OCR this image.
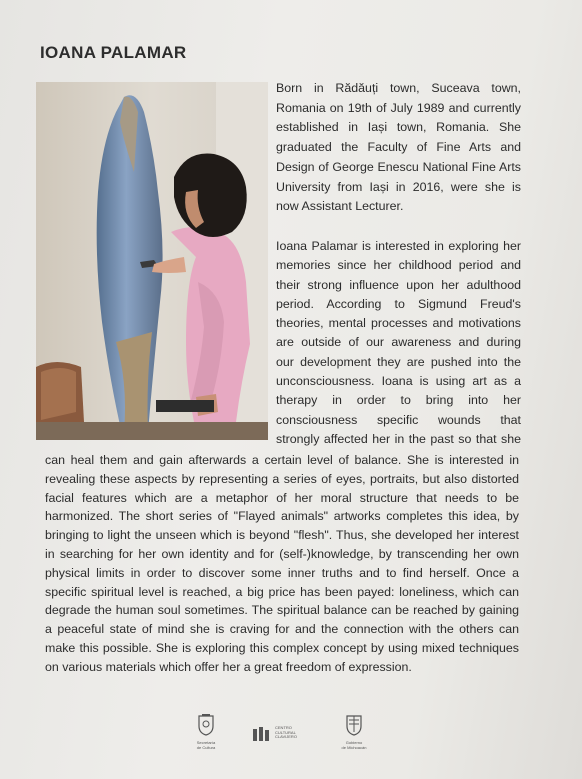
IOANA PALAMAR

Born in Rădăuți town, Suceava town,
Romania on 19th of July 1989 and currently
established in Iași town, Romania. She
graduated the Faculty of Fine Arts and
Design of George Enescu National Fine Arts
University from Iași in 2016, were she is
now Assistant Lecturer.

Ioana Palamar is interested in exploring her
memories since her childhood period and
their strong influence upon her adulthood
period. According to Sigmund Freud's
theories, mental processes and motivations
are outside of our awareness and during
our development they are pushed into the
unconsciousness. Ioana is using art as a
therapy in order to bring into her
consciousness specific wounds that
strongly affected her in the past so that she

can heal them and gain afterwards a certain level of balance. She is interested in
revealing these aspects by representing a series of eyes, portraits, but also distorted
facial features which are a metaphor of her moral structure that needs to be
harmonized. The short series of "Flayed animals" artworks completes this idea, by
bringing to light the unseen which is beyond "flesh". Thus, she developed her interest
in searching for her own identity and for (self-)knowledge, by transcending her own
physical limits in order to discover some inner truths and to find herself. Once a
specific spiritual level is reached, a big price has been payed: loneliness, which can
degrade the human soul sometimes. The spiritual balance can be reached by gaining
a peaceful state of mind she is craving for and the connection with the others can
make this possible. She is exploring this complex concept by using mixed techniques
on various materials which offer her a great freedom of expression.

Secretaría
de Cultura
CENTRO
CULTURAL
CLAVIJERO
Gobierno
de Michoacán
